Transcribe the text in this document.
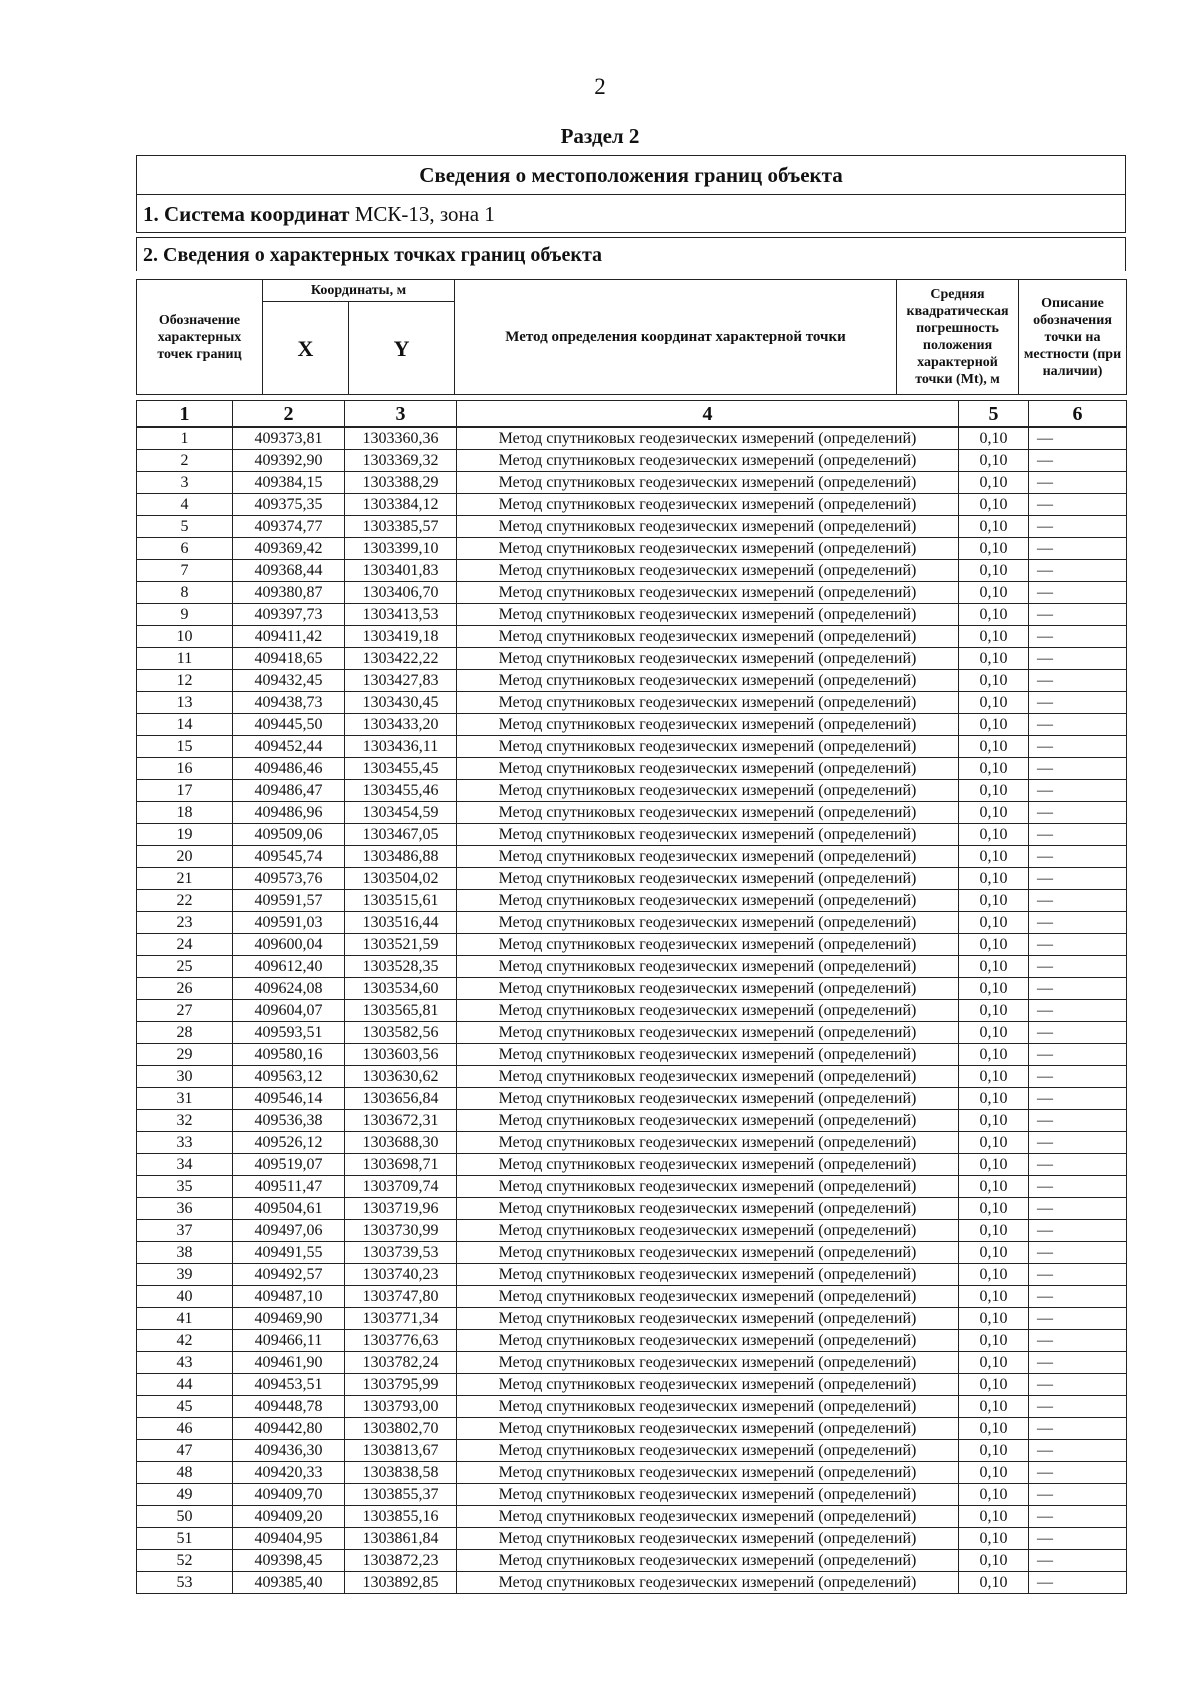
2
Раздел 2
Сведения о местоположения границ объекта
1. Система координат МСК-13, зона 1
2. Сведения о характерных точках границ объекта
Обозначение характерных точек границ	Координаты, м		Метод определения координат характерной точки	Средняя квадратическая погрешность положения характерной точки (Mt), м	Описание обозначения точки на местности (при наличии)
	X	Y			
1	2	3	4	5	6
1	409373,81	1303360,36	Метод спутниковых геодезических измерений (определений)	0,10	—
2	409392,90	1303369,32	Метод спутниковых геодезических измерений (определений)	0,10	—
3	409384,15	1303388,29	Метод спутниковых геодезических измерений (определений)	0,10	—
4	409375,35	1303384,12	Метод спутниковых геодезических измерений (определений)	0,10	—
5	409374,77	1303385,57	Метод спутниковых геодезических измерений (определений)	0,10	—
6	409369,42	1303399,10	Метод спутниковых геодезических измерений (определений)	0,10	—
7	409368,44	1303401,83	Метод спутниковых геодезических измерений (определений)	0,10	—
8	409380,87	1303406,70	Метод спутниковых геодезических измерений (определений)	0,10	—
9	409397,73	1303413,53	Метод спутниковых геодезических измерений (определений)	0,10	—
10	409411,42	1303419,18	Метод спутниковых геодезических измерений (определений)	0,10	—
11	409418,65	1303422,22	Метод спутниковых геодезических измерений (определений)	0,10	—
12	409432,45	1303427,83	Метод спутниковых геодезических измерений (определений)	0,10	—
13	409438,73	1303430,45	Метод спутниковых геодезических измерений (определений)	0,10	—
14	409445,50	1303433,20	Метод спутниковых геодезических измерений (определений)	0,10	—
15	409452,44	1303436,11	Метод спутниковых геодезических измерений (определений)	0,10	—
16	409486,46	1303455,45	Метод спутниковых геодезических измерений (определений)	0,10	—
17	409486,47	1303455,46	Метод спутниковых геодезических измерений (определений)	0,10	—
18	409486,96	1303454,59	Метод спутниковых геодезических измерений (определений)	0,10	—
19	409509,06	1303467,05	Метод спутниковых геодезических измерений (определений)	0,10	—
20	409545,74	1303486,88	Метод спутниковых геодезических измерений (определений)	0,10	—
21	409573,76	1303504,02	Метод спутниковых геодезических измерений (определений)	0,10	—
22	409591,57	1303515,61	Метод спутниковых геодезических измерений (определений)	0,10	—
23	409591,03	1303516,44	Метод спутниковых геодезических измерений (определений)	0,10	—
24	409600,04	1303521,59	Метод спутниковых геодезических измерений (определений)	0,10	—
25	409612,40	1303528,35	Метод спутниковых геодезических измерений (определений)	0,10	—
26	409624,08	1303534,60	Метод спутниковых геодезических измерений (определений)	0,10	—
27	409604,07	1303565,81	Метод спутниковых геодезических измерений (определений)	0,10	—
28	409593,51	1303582,56	Метод спутниковых геодезических измерений (определений)	0,10	—
29	409580,16	1303603,56	Метод спутниковых геодезических измерений (определений)	0,10	—
30	409563,12	1303630,62	Метод спутниковых геодезических измерений (определений)	0,10	—
31	409546,14	1303656,84	Метод спутниковых геодезических измерений (определений)	0,10	—
32	409536,38	1303672,31	Метод спутниковых геодезических измерений (определений)	0,10	—
33	409526,12	1303688,30	Метод спутниковых геодезических измерений (определений)	0,10	—
34	409519,07	1303698,71	Метод спутниковых геодезических измерений (определений)	0,10	—
35	409511,47	1303709,74	Метод спутниковых геодезических измерений (определений)	0,10	—
36	409504,61	1303719,96	Метод спутниковых геодезических измерений (определений)	0,10	—
37	409497,06	1303730,99	Метод спутниковых геодезических измерений (определений)	0,10	—
38	409491,55	1303739,53	Метод спутниковых геодезических измерений (определений)	0,10	—
39	409492,57	1303740,23	Метод спутниковых геодезических измерений (определений)	0,10	—
40	409487,10	1303747,80	Метод спутниковых геодезических измерений (определений)	0,10	—
41	409469,90	1303771,34	Метод спутниковых геодезических измерений (определений)	0,10	—
42	409466,11	1303776,63	Метод спутниковых геодезических измерений (определений)	0,10	—
43	409461,90	1303782,24	Метод спутниковых геодезических измерений (определений)	0,10	—
44	409453,51	1303795,99	Метод спутниковых геодезических измерений (определений)	0,10	—
45	409448,78	1303793,00	Метод спутниковых геодезических измерений (определений)	0,10	—
46	409442,80	1303802,70	Метод спутниковых геодезических измерений (определений)	0,10	—
47	409436,30	1303813,67	Метод спутниковых геодезических измерений (определений)	0,10	—
48	409420,33	1303838,58	Метод спутниковых геодезических измерений (определений)	0,10	—
49	409409,70	1303855,37	Метод спутниковых геодезических измерений (определений)	0,10	—
50	409409,20	1303855,16	Метод спутниковых геодезических измерений (определений)	0,10	—
51	409404,95	1303861,84	Метод спутниковых геодезических измерений (определений)	0,10	—
52	409398,45	1303872,23	Метод спутниковых геодезических измерений (определений)	0,10	—
53	409385,40	1303892,85	Метод спутниковых геодезических измерений (определений)	0,10	—
